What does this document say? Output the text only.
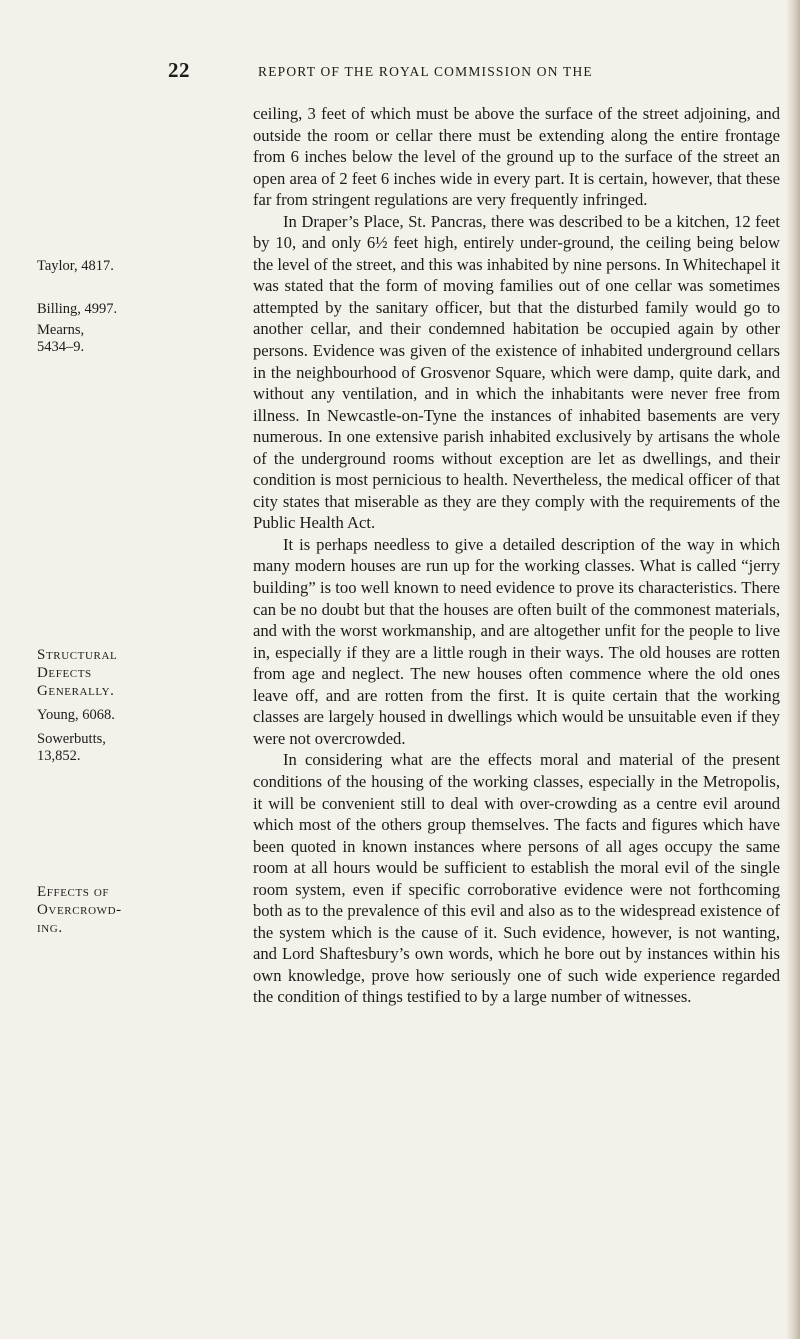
22	REPORT OF THE ROYAL COMMISSION ON THE
Taylor, 4817.
Billing, 4997.
Mearns,
5434–9.
Structural
Defects
Generally.
Young, 6068.
Sowerbutts,
13,852.
Effects of
Overcrowd-
ing.

ceiling, 3 feet of which must be above the surface of the street adjoining, and outside the room or cellar there must be extending along the entire frontage from 6 inches below the level of the ground up to the surface of the street an open area of 2 feet 6 inches wide in every part. It is certain, however, that these far from stringent regulations are very frequently infringed.

In Draper’s Place, St. Pancras, there was described to be a kitchen, 12 feet by 10, and only 6½ feet high, entirely under-ground, the ceiling being below the level of the street, and this was inhabited by nine persons. In Whitechapel it was stated that the form of moving families out of one cellar was sometimes attempted by the sanitary officer, but that the disturbed family would go to another cellar, and their condemned habitation be occupied again by other persons. Evidence was given of the existence of inhabited underground cellars in the neighbourhood of Grosvenor Square, which were damp, quite dark, and without any ventilation, and in which the inhabitants were never free from illness. In Newcastle-on-Tyne the instances of inhabited basements are very numerous. In one extensive parish inhabited exclusively by artisans the whole of the underground rooms without exception are let as dwellings, and their condition is most pernicious to health. Nevertheless, the medical officer of that city states that miserable as they are they comply with the requirements of the Public Health Act.

It is perhaps needless to give a detailed description of the way in which many modern houses are run up for the working classes. What is called “jerry building” is too well known to need evidence to prove its characteristics. There can be no doubt but that the houses are often built of the commonest materials, and with the worst workmanship, and are altogether unfit for the people to live in, especially if they are a little rough in their ways. The old houses are rotten from age and neglect. The new houses often commence where the old ones leave off, and are rotten from the first. It is quite certain that the working classes are largely housed in dwellings which would be unsuitable even if they were not overcrowded.

In considering what are the effects moral and material of the present conditions of the housing of the working classes, especially in the Metropolis, it will be convenient still to deal with over-crowding as a centre evil around which most of the others group themselves. The facts and figures which have been quoted in known instances where persons of all ages occupy the same room at all hours would be sufficient to establish the moral evil of the single room system, even if specific corroborative evidence were not forthcoming both as to the prevalence of this evil and also as to the widespread existence of the system which is the cause of it. Such evidence, however, is not wanting, and Lord Shaftesbury’s own words, which he bore out by instances within his own knowledge, prove how seriously one of such wide experience regarded the condition of things testified to by a large number of witnesses.
